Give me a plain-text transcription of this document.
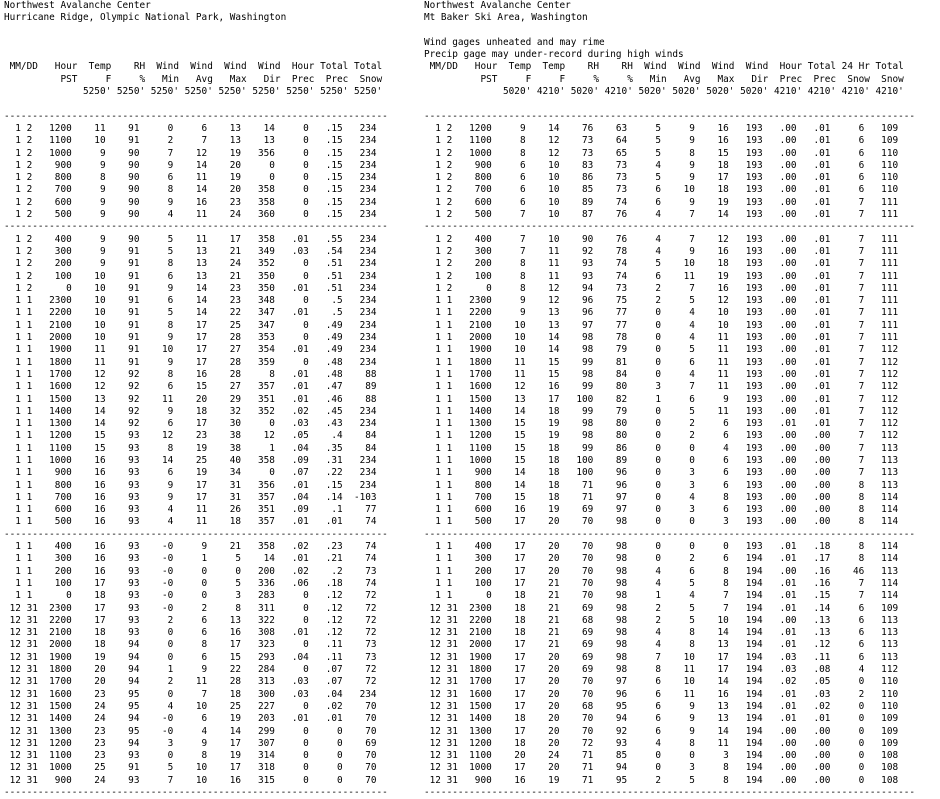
Northwest Avalanche Center
Hurricane Ridge, Olympic National Park, Washington

MM/DD   Hour  Temp    RH  Wind  Wind  Wind  Wind  Hour Total Total
PST     F     %   Min   Avg   Max   Dir  Prec  Prec  Snow
5250' 5250' 5250' 5250' 5250' 5250' 5250' 5250' 5250'

--------------------------------------------------------------------
1 2   1200    11    91     0     6    13    14     0   .15   234
1 2   1100    10    91     2     7    13    13     0   .15   234
1 2   1000     9    90     7    12    19   356     0   .15   234
1 2    900     9    90     9    14    20     0     0   .15   234
1 2    800     8    90     6    11    19     0     0   .15   234
1 2    700     9    90     8    14    20   358     0   .15   234
1 2    600     9    90     9    16    23   358     0   .15   234
1 2    500     9    90     4    11    24   360     0   .15   234
--------------------------------------------------------------------
1 2    400     9    90     5    11    17   358   .01   .55   234
1 2    300     9    91     5    13    21   349   .03   .54   234
1 2    200     9    91     8    13    24   352     0   .51   234
1 2    100    10    91     6    13    21   350     0   .51   234
1 2      0    10    91     9    14    23   350   .01   .51   234
1 1   2300    10    91     6    14    23   348     0    .5   234
1 1   2200    10    91     5    14    22   347   .01    .5   234
1 1   2100    10    91     8    17    25   347     0   .49   234
1 1   2000    10    91     9    17    28   353     0   .49   234
1 1   1900    11    91    10    17    27   354   .01   .49   234
1 1   1800    11    91     9    17    28   359     0   .48   234
1 1   1700    12    92     8    16    28     8   .01   .48    88
1 1   1600    12    92     6    15    27   357   .01   .47    89
1 1   1500    13    92    11    20    29   351   .01   .46    88
1 1   1400    14    92     9    18    32   352   .02   .45   234
1 1   1300    14    92     6    17    30     0   .03   .43   234
1 1   1200    15    93    12    23    38    12   .05    .4    84
1 1   1100    15    93     8    19    38     1   .04   .35    84
1 1   1000    16    93    14    25    40   358   .09   .31   234
1 1    900    16    93     6    19    34     0   .07   .22   234
1 1    800    16    93     9    17    31   356   .01   .15   234
1 1    700    16    93     9    17    31   357   .04   .14  -103
1 1    600    16    93     4    11    26   351   .09    .1    77
1 1    500    16    93     4    11    18   357   .01   .01    74
--------------------------------------------------------------------
1 1    400    16    93    -0     9    21   358   .02   .23    74
1 1    300    16    93    -0     1     5    14   .01   .21    74
1 1    200    16    93    -0     0     0   200   .02    .2    73
1 1    100    17    93    -0     0     5   336   .06   .18    74
1 1      0    18    93    -0     0     3   283     0   .12    72
12 31  2300    17    93    -0     2     8   311     0   .12    72
12 31  2200    17    93     2     6    13   322     0   .12    72
12 31  2100    18    93     0     6    16   308   .01   .12    72
12 31  2000    18    94     0     8    17   323     0   .11    73
12 31  1900    19    94     0     6    15   293   .04   .11    73
12 31  1800    20    94     1     9    22   284     0   .07    72
12 31  1700    20    94     2    11    28   313   .03   .07    72
12 31  1600    23    95     0     7    18   300   .03   .04   234
12 31  1500    24    95     4    10    25   227     0   .02    70
12 31  1400    24    94    -0     6    19   203   .01   .01    70
12 31  1300    23    95    -0     4    14   299     0     0    70
12 31  1200    23    94     3     9    17   307     0     0    69
12 31  1100    23    93     0     8    19   314     0     0    70
12 31  1000    25    91     5    10    17   318     0     0    70
12 31   900    24    93     7    10    16   315     0     0    70
--------------------------------------------------------------------
Northwest Avalanche Center
Mt Baker Ski Area, Washington

Wind gages unheated and may rime
Precip gage may under-record during high winds
MM/DD   Hour  Temp  Temp    RH    RH  Wind  Wind  Wind  Wind  Hour Total 24 Hr Total
PST     F     F     %     %   Min   Avg   Max   Dir  Prec  Prec  Snow  Snow
5020' 4210' 5020' 4210' 5020' 5020' 5020' 5020' 4210' 4210' 4210' 4210'

---------------------------------------------------------------------------------------
1 2   1200     9    14    76    63     5     9    16   193   .00   .01     6   109
1 2   1100     8    12    73    64     5     9    16   193   .00   .01     6   109
1 2   1000     8    12    73    65     5     8    15   193   .00   .01     6   110
1 2    900     6    10    83    73     4     9    18   193   .00   .01     6   110
1 2    800     6    10    86    73     5     9    17   193   .00   .01     6   110
1 2    700     6    10    85    73     6    10    18   193   .00   .01     6   110
1 2    600     6    10    89    74     6     9    19   193   .00   .01     7   111
1 2    500     7    10    87    76     4     7    14   193   .00   .01     7   111
---------------------------------------------------------------------------------------
1 2    400     7    10    90    76     4     7    12   193   .00   .01     7   111
1 2    300     7    11    92    78     4     9    16   193   .00   .01     7   111
1 2    200     8    11    93    74     5    10    18   193   .00   .01     7   111
1 2    100     8    11    93    74     6    11    19   193   .00   .01     7   111
1 2      0     8    12    94    73     2     7    16   193   .00   .01     7   111
1 1   2300     9    12    96    75     2     5    12   193   .00   .01     7   111
1 1   2200     9    13    96    77     0     4    10   193   .00   .01     7   111
1 1   2100    10    13    97    77     0     4    10   193   .00   .01     7   111
1 1   2000    10    14    98    78     0     4    11   193   .00   .01     7   111
1 1   1900    10    14    98    79     0     5    11   193   .00   .01     7   112
1 1   1800    11    15    99    81     0     6    11   193   .00   .01     7   112
1 1   1700    11    15    98    84     0     4    11   193   .00   .01     7   112
1 1   1600    12    16    99    80     3     7    11   193   .00   .01     7   112
1 1   1500    13    17   100    82     1     6     9   193   .00   .01     7   112
1 1   1400    14    18    99    79     0     5    11   193   .00   .01     7   112
1 1   1300    15    19    98    80     0     2     6   193   .01   .01     7   112
1 1   1200    15    19    98    80     0     2     6   193   .00   .00     7   112
1 1   1100    15    18    99    86     0     0     4   193   .00   .00     7   113
1 1   1000    15    18   100    89     0     0     6   193   .00   .00     7   113
1 1    900    14    18   100    96     0     3     6   193   .00   .00     7   113
1 1    800    14    18    71    96     0     3     6   193   .00   .00     8   113
1 1    700    15    18    71    97     0     4     8   193   .00   .00     8   114
1 1    600    16    19    69    97     0     3     6   193   .00   .00     8   114
1 1    500    17    20    70    98     0     0     3   193   .00   .00     8   114
---------------------------------------------------------------------------------------
1 1    400    17    20    70    98     0     0     0   193   .01   .18     8   114
1 1    300    17    20    70    98     0     2     6   194   .01   .17     8   114
1 1    200    17    20    70    98     4     6     8   194   .00   .16    46   113
1 1    100    17    21    70    98     4     5     8   194   .01   .16     7   114
1 1      0    18    21    70    98     1     4     7   194   .01   .15     7   114
12 31  2300    18    21    69    98     2     5     7   194   .01   .14     6   109
12 31  2200    18    21    68    98     2     5    10   194   .00   .13     6   113
12 31  2100    18    21    69    98     4     8    14   194   .01   .13     6   113
12 31  2000    17    21    69    98     4     8    13   194   .01   .12     6   113
12 31  1900    17    20    69    98     7    10    17   194   .03   .11     6   113
12 31  1800    17    20    69    98     8    11    17   194   .03   .08     4   112
12 31  1700    17    20    70    97     6    10    14   194   .02   .05     0   110
12 31  1600    17    20    70    96     6    11    16   194   .01   .03     2   110
12 31  1500    17    20    68    95     6     9    13   194   .01   .02     0   110
12 31  1400    18    20    70    94     6     9    13   194   .01   .01     0   109
12 31  1300    17    20    70    92     6     9    14   194   .00   .00     0   109
12 31  1200    18    20    72    93     4     8    11   194   .00   .00     0   109
12 31  1100    20    24    71    85     0     0     3   194   .00   .00     0   108
12 31  1000    17    20    71    94     0     3     8   194   .00   .00     0   108
12 31   900    16    19    71    95     2     5     8   194   .00   .00     0   108
---------------------------------------------------------------------------------------
